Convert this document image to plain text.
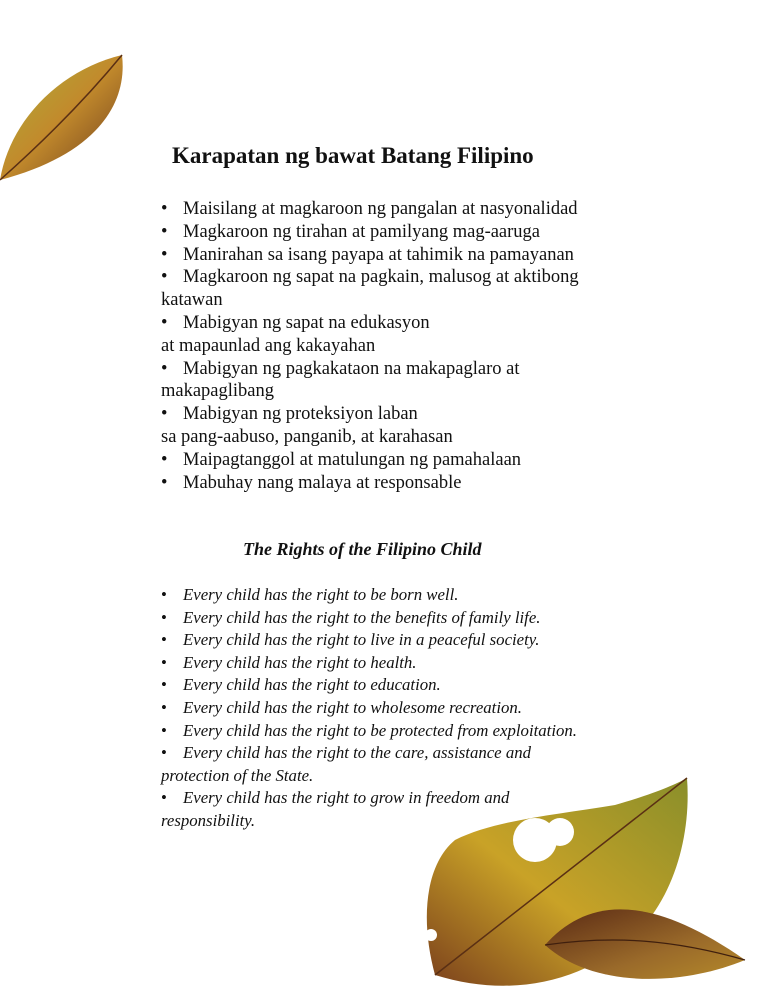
Karapatan ng bawat Batang Filipino
• Maisilang at magkaroon ng pangalan at nasyonalidad
• Magkaroon ng tirahan at pamilyang mag-aaruga
• Manirahan sa isang payapa at tahimik na pamayanan
• Magkaroon ng sapat na pagkain, malusog at aktibong
katawan
• Mabigyan ng sapat na edukasyon
at mapaunlad ang kakayahan
• Mabigyan ng pagkakataon na makapaglaro at
makapaglibang
• Mabigyan ng proteksiyon laban
sa pang-aabuso, panganib, at karahasan
• Maipagtanggol at matulungan ng pamahalaan
• Mabuhay nang malaya at responsable
The Rights of the Filipino Child
• Every child has the right to be born well.
• Every child has the right to the benefits of family life.
• Every child has the right to live in a peaceful society.
• Every child has the right to health.
• Every child has the right to education.
• Every child has the right to wholesome recreation.
• Every child has the right to be protected from exploitation.
• Every child has the right to the care, assistance and
protection of the State.
• Every child has the right to grow in freedom and
responsibility.
